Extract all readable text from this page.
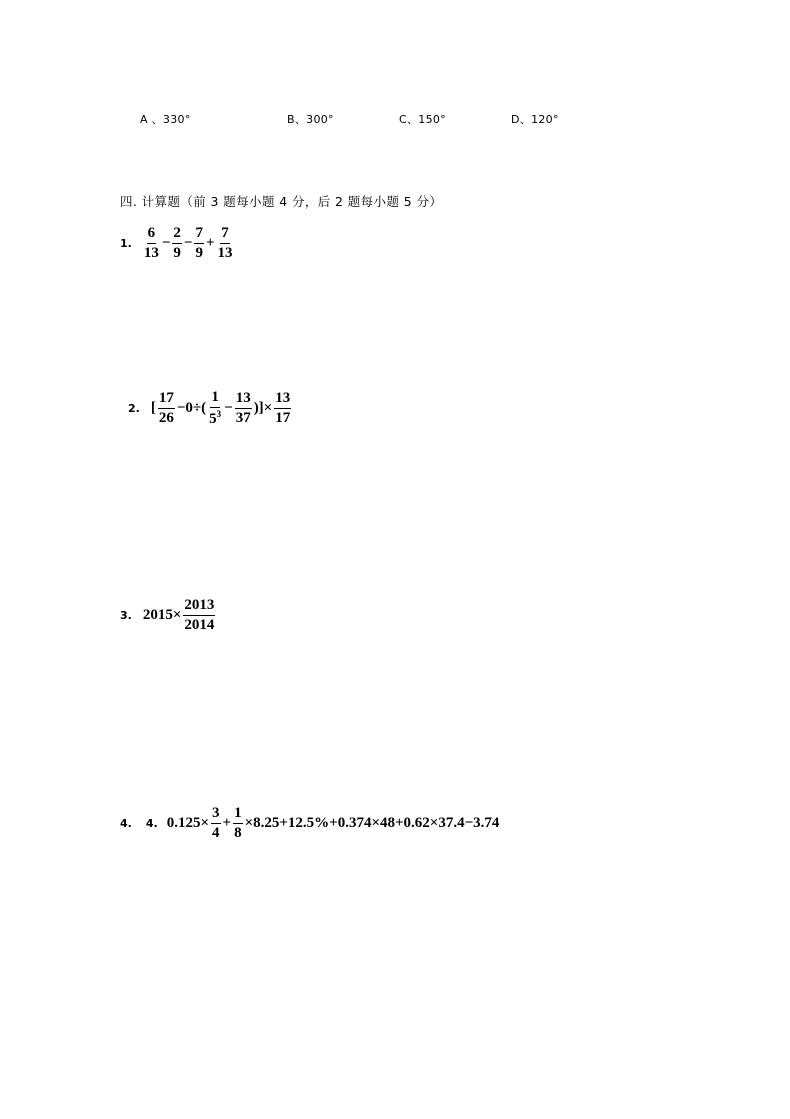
A 、330°	B、300°	C、150°	D、120°
四. 计算题（前 3 题每小题 4 分，后 2 题每小题 5 分）
1. $\frac{6}{13} - \frac{2}{9} - \frac{7}{9} + \frac{7}{13}$
2. [ $\frac{17}{26} -0\div( \frac{1}{5^3} - \frac{13}{37}$ )]× $\frac{13}{17}$
3. $2015\times \frac{2013}{2014}$
4. 4. $0.125\times \frac{3}{4} + \frac{1}{8} \times 8.25+12.5\%+0.374\times 48+0.62\times 37.4-3.74$
